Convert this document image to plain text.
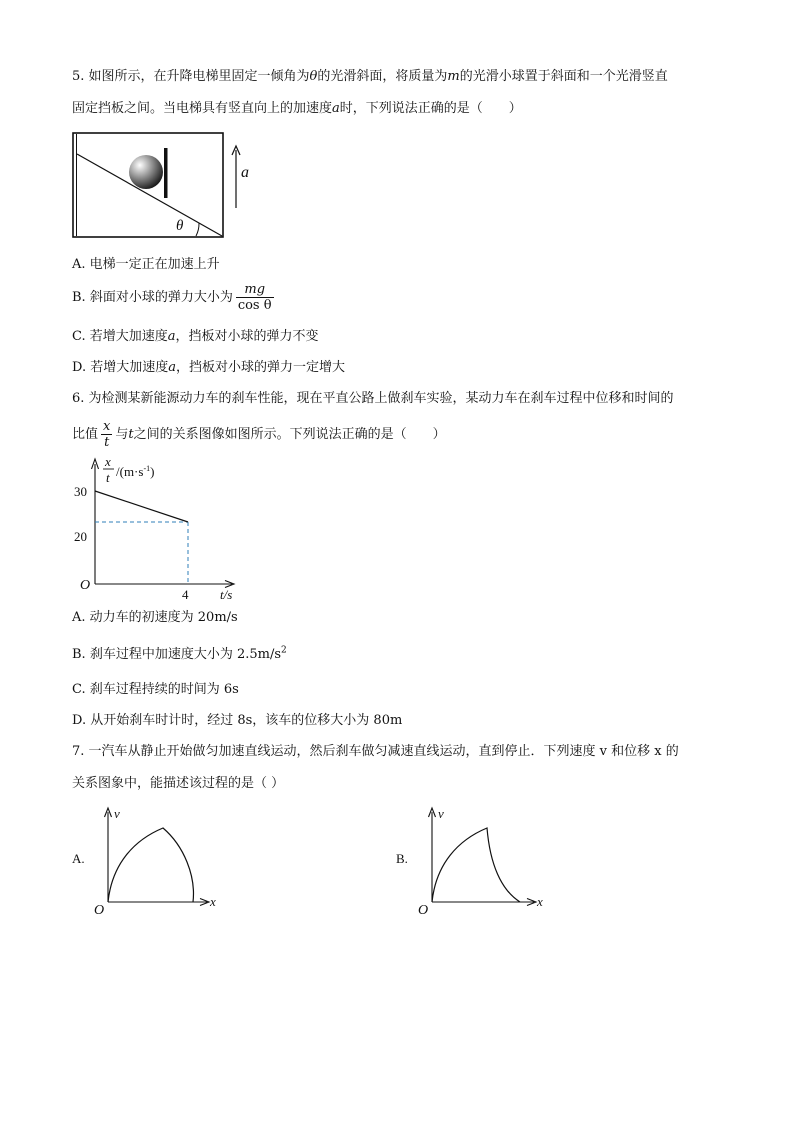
5. 如图所示，在升降电梯里固定一倾角为θ的光滑斜面，将质量为m的光滑小球置于斜面和一个光滑竖直
固定挡板之间。当电梯具有竖直向上的加速度a时，下列说法正确的是（　　）
θ
a
A. 电梯一定正在加速上升
B. 斜面对小球的弹力大小为 $\frac{mg}{\text{cos θ}}$
C. 若增大加速度a，挡板对小球的弹力不变
D. 若增大加速度a，挡板对小球的弹力一定增大
6. 为检测某新能源动力车的刹车性能，现在平直公路上做刹车实验，某动力车在刹车过程中位移和时间的
比值 $\frac{x}{t}$ 与t之间的关系图像如图所示。下列说法正确的是（　　）
x
t $/(m\cdot s^{-1})$
30
20
4 t/s
O
A. 动力车的初速度为 20m/s
B. 刹车过程中加速度大小为 $2.5m/s^2$
C. 刹车过程持续的时间为 6s
D. 从开始刹车时计时，经过 8s，该车的位移大小为 80m
7. 一汽车从静止开始做匀加速直线运动，然后刹车做匀减速直线运动，直到停止．下列速度 v 和位移 x 的
关系图象中，能描述该过程的是（ ）
A.
v
x
O
B.
v
x
O
